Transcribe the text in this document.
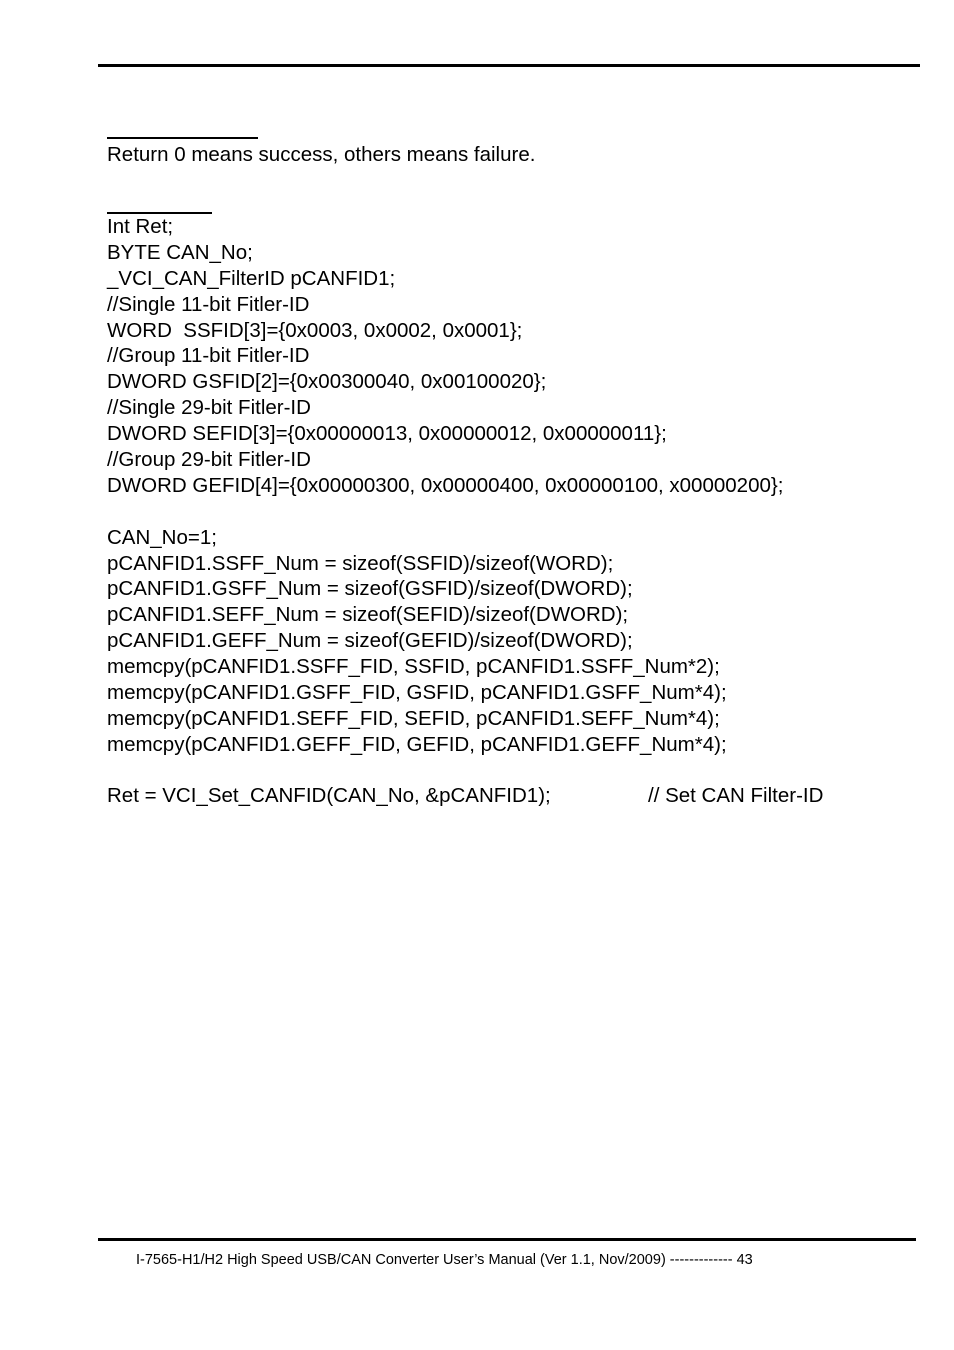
Return 0 means success, others means failure.
Int Ret;
BYTE CAN_No;
_VCI_CAN_FilterID pCANFID1;
//Single 11-bit Fitler-ID
WORD  SSFID[3]={0x0003, 0x0002, 0x0001};
//Group 11-bit Fitler-ID
DWORD GSFID[2]={0x00300040, 0x00100020};
//Single 29-bit Fitler-ID
DWORD SEFID[3]={0x00000013, 0x00000012, 0x00000011};
//Group 29-bit Fitler-ID
DWORD GEFID[4]={0x00000300, 0x00000400, 0x00000100, x00000200};
CAN_No=1;
pCANFID1.SSFF_Num = sizeof(SSFID)/sizeof(WORD);
pCANFID1.GSFF_Num = sizeof(GSFID)/sizeof(DWORD);
pCANFID1.SEFF_Num = sizeof(SEFID)/sizeof(DWORD);
pCANFID1.GEFF_Num = sizeof(GEFID)/sizeof(DWORD);
memcpy(pCANFID1.SSFF_FID, SSFID, pCANFID1.SSFF_Num*2);
memcpy(pCANFID1.GSFF_FID, GSFID, pCANFID1.GSFF_Num*4);
memcpy(pCANFID1.SEFF_FID, SEFID, pCANFID1.SEFF_Num*4);
memcpy(pCANFID1.GEFF_FID, GEFID, pCANFID1.GEFF_Num*4);
Ret = VCI_Set_CANFID(CAN_No, &pCANFID1);	// Set CAN Filter-ID
I-7565-H1/H2 High Speed USB/CAN Converter User’s Manual (Ver 1.1, Nov/2009) ------------- 43
